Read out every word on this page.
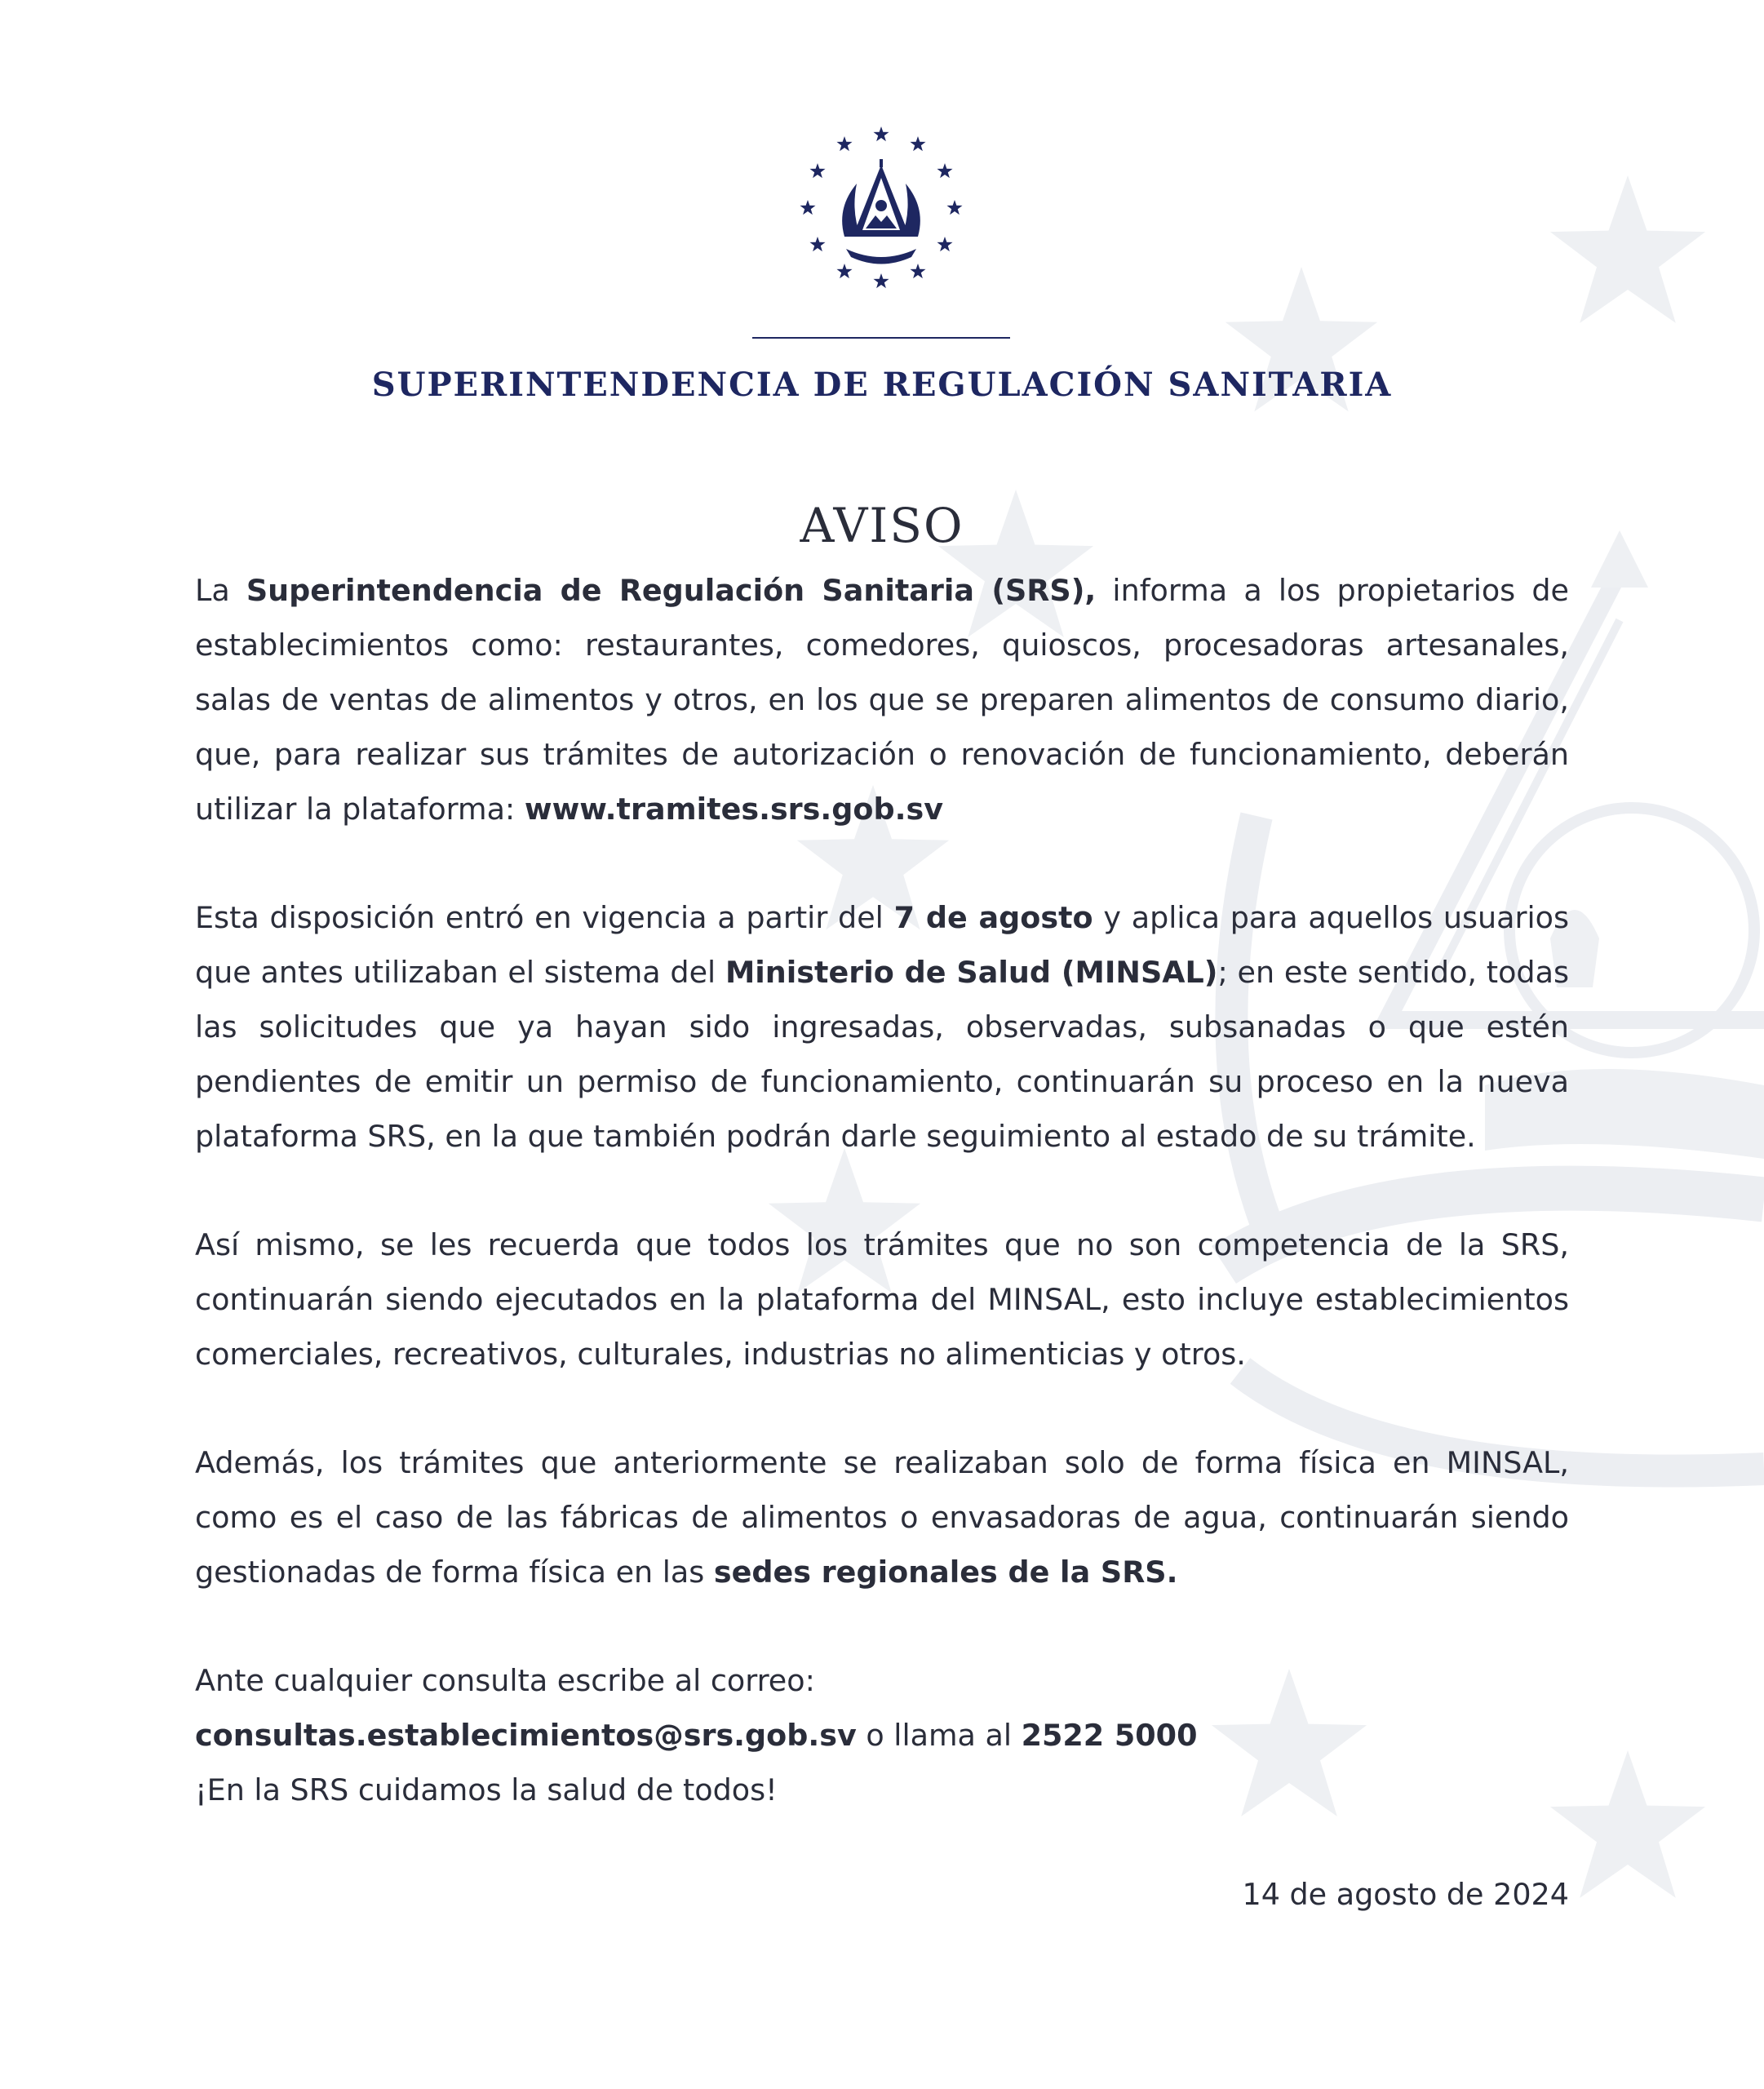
SUPERINTENDENCIA DE REGULACIÓN SANITARIA
AVISO

La Superintendencia de Regulación Sanitaria (SRS), informa a los propietarios de establecimientos como: restaurantes, comedores, quioscos, procesadoras artesanales, salas de ventas de alimentos y otros, en los que se preparen alimentos de consumo diario, que, para realizar sus trámites de autorización o renovación de funcionamiento, deberán utilizar la plataforma: www.tramites.srs.gob.sv

Esta disposición entró en vigencia a partir del 7 de agosto y aplica para aquellos usuarios que antes utilizaban el sistema del Ministerio de Salud (MINSAL); en este sentido, todas las solicitudes que ya hayan sido ingresadas, observadas, subsanadas o que estén pendientes de emitir un permiso de funcionamiento, continuarán su proceso en la nueva plataforma SRS, en la que también podrán darle seguimiento al estado de su trámite.

Así mismo, se les recuerda que todos los trámites que no son competencia de la SRS, continuarán siendo ejecutados en la plataforma del MINSAL, esto incluye establecimientos comerciales, recreativos, culturales, industrias no alimenticias y otros.

Además, los trámites que anteriormente se realizaban solo de forma física en MINSAL, como es el caso de las fábricas de alimentos o envasadoras de agua, continuarán siendo gestionadas de forma física en las sedes regionales de la SRS.

Ante cualquier consulta escribe al correo:
consultas.establecimientos@srs.gob.sv o llama al 2522 5000
¡En la SRS cuidamos la salud de todos!

14 de agosto de 2024
